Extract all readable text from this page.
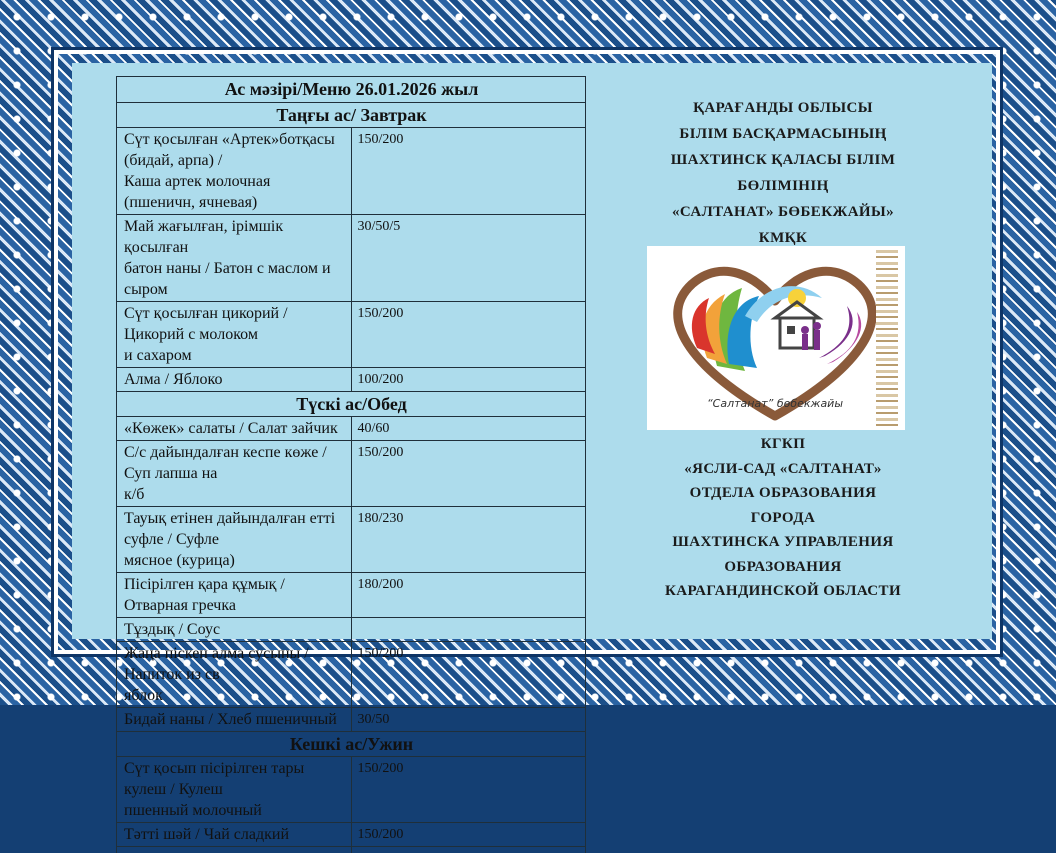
Ас мәзірі/Меню 26.01.2026 жыл	
Таңғы ас/ Завтрак	
Сүт қосылған «Артек»ботқасы (бидай, арпа) /
Каша артек молочная (пшеничн, ячневая)	150/200
Май жағылған, ірімшік қосылған
батон наны / Батон с маслом и сыром	30/50/5
Сүт қосылған цикорий / Цикорий с молоком
и сахаром	150/200
Алма / Яблоко	100/200
Түскі ас/Обед	
«Көжек» салаты / Салат зайчик	40/60
С/с дайындалған кеспе көже / Суп лапша на
к/б	150/200
Тауық етінен дайындалған етті суфле / Суфле
мясное (курица)	180/230
Пісірілген қара құмық / Отварная гречка	180/200
Тұздық / Соус	
Жаңа піскен алма сусыны / Напиток из св
яблок	150/200
Бидай наны / Хлеб пшеничный	30/50
Кешкі ас/Ужин	
Сүт қосып пісірілген тары кулеш / Кулеш
пшенный молочный	150/200
Тәтті шәй / Чай сладкий	150/200

ҚАРАҒАНДЫ ОБЛЫСЫ
БІЛІМ БАСҚАРМАСЫНЫҢ
ШАХТИНСК ҚАЛАСЫ БІЛІМ
БӨЛІМІНІҢ
«САЛТАНАТ» БӨБЕКЖАЙЫ»
КМҚК
“Салтанат” бөбекжайы
КГКП
«ЯСЛИ-САД «САЛТАНАТ»
ОТДЕЛА ОБРАЗОВАНИЯ
ГОРОДА
ШАХТИНСКА УПРАВЛЕНИЯ
ОБРАЗОВАНИЯ
КАРАГАНДИНСКОЙ ОБЛАСТИ
